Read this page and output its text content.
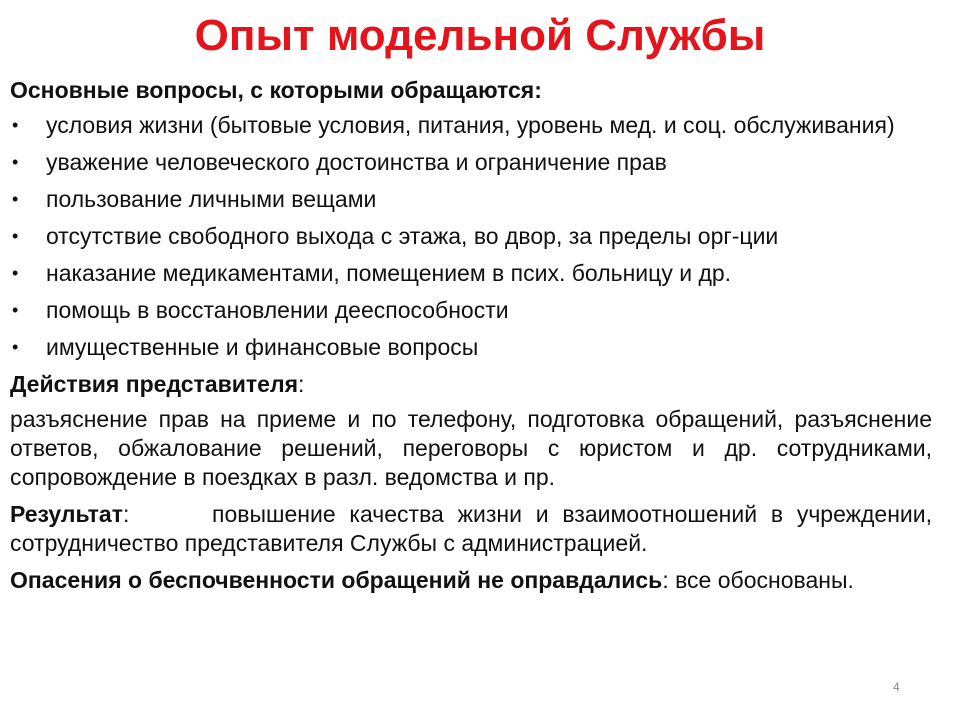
Опыт модельной Службы

Основные вопросы, с которыми обращаются:

• условия жизни (бытовые условия, питания, уровень мед. и соц. обслуживания)
• уважение человеческого достоинства и ограничение прав
• пользование личными вещами
• отсутствие свободного выхода с этажа, во двор, за пределы орг-ции
• наказание медикаментами, помещением в псих. больницу и др.
• помощь в восстановлении дееспособности
• имущественные и финансовые вопросы

Действия представителя:

разъяснение прав на приеме и по телефону, подготовка обращений, разъяснение ответов, обжалование решений, переговоры с юристом и др. сотрудниками, сопровождение в поездках в разл. ведомства и пр.

Результат:	повышение качества жизни и взаимоотношений в учреждении, сотрудничество представителя Службы с администрацией.

Опасения о беспочвенности обращений не оправдались: все обоснованы.

4
